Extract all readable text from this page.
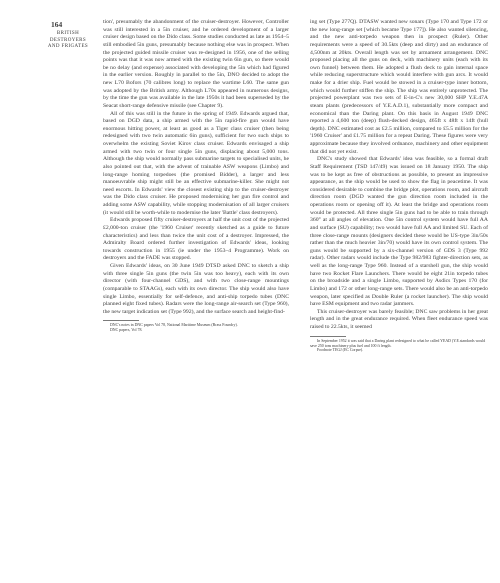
164
BRITISH DESTROYERS
AND FRIGATES

tion', presumably the abandonment of the cruiser-destroyer. However, Controller was still interested in a 5in cruiser, and he ordered development of a larger cruiser design based on the Dido class. Some studies conducted as late as 1954–5 still embodied 5in guns, presumably because nothing else was in prospect. When the projected guided missile cruiser was re-designed in 1956, one of the selling points was that it was now armed with the existing twin 6in gun, so there would be no delay (and expense) associated with developing the 5in which had figured in the earlier version. Roughly in parallel to the 5in, DNO decided to adopt the new L70 Bofors (70 calibres long) to replace the wartime L60. The same gun was adopted by the British army. Although L70s appeared in numerous designs, by the time the gun was available in the late 1950s it had been superseded by the Seacat short-range defensive missile (see Chapter 9).

All of this was still in the future in the spring of 1949. Edwards argued that, based on DGD data, a ship armed with the 5in rapid-fire gun would have enormous hitting power, at least as good as a Tiger class cruiser (then being redesigned with two twin automatic 6in guns), sufficient for two such ships to overwhelm the existing Soviet Kirov class cruiser. Edwards envisaged a ship armed with two twin or four single 5in guns, displacing about 5,000 tons. Although the ship would normally pass submarine targets to specialised units, he also pointed out that, with the advent of trainable ASW weapons (Limbo) and long-range homing torpedoes (the promised Bidder), a larger and less manoeuvrable ship might still be an effective submarine-killer. She might not need escorts. In Edwards' view the closest existing ship to the cruiser-destroyer was the Dido class cruiser. He proposed modernising her gun fire control and adding some ASW capability, while stopping modernisation of all larger cruisers (it would still be worth-while to modernise the later 'Battle' class destroyers).

Edwards proposed fifty cruiser-destroyers at half the unit cost of the projected £2,000-ton cruiser (the '1960 Cruiser' recently sketched as a guide to future characteristics) and less than twice the unit cost of a destroyer. Impressed, the Admiralty Board ordered further investigation of Edwards' ideas, looking towards construction in 1955 (ie under the 1953–4 Programme). Work on destroyers and the FADE was stopped.

Given Edwards' ideas, on 30 June 1949 DTSD asked DNC to sketch a ship with three single 5in guns (the twin 5in was too heavy), each with its own director (with four-channel GDS), and with two close-range mountings (comparable to STAAGs), each with its own director. The ship would also have single Limbo, essentially for self-defence, and anti-ship torpedo tubes (DNC planned eight fixed tubes). Radars were the long-range air-search set (Type 960), the new target indication set (Type 992), and the surface search and height-find-

DNC's notes in DNC papers Vol 78, National Maritime Museum (Brass Foundry).

DNC papers, Vol 78.

ing set (Type 277Q). DTASW wanted new sonars (Type 170 and Type 172 or the new long-range set [which became Type 177]). He also wanted silencing, and the new anti-torpedo weapon then in prospect (Ruler). Other requirements were a speed of 30.5kts (deep and dirty) and an endurance of 4,500nm at 20kts. Overall length was set by armament arrangement. DNC proposed placing all the guns on deck, with machinery units (each with its own funnel) between them. He adopted a flush deck to gain internal space while reducing superstructure which would interfere with gun arcs. It would make for a drier ship. Fuel would be stowed in a cruiser-type inner bottom, which would further stiffen the ship. The ship was entirely unprotected. The projected powerplant was two sets of E-in-C's new 30,000 SHP Y.E.47A steam plants (predecessors of Y.E.A.D.1), substantially more compact and economical than the Daring plant. On this basis in August 1949 DNC reported a 4,600 ton (deep) flush-decked design, 465ft x 48ft x 14ft (hull depth). DNC estimated cost as £2.5 million, compared to £5.5 million for the '1960 Cruiser' and £1.75 million for a repeat Daring. These figures were very approximate because they involved ordnance, machinery and other equipment that did not yet exist.

DNC's study showed that Edwards' idea was feasible, so a formal draft Staff Requirement (TSD 147/49) was issued on 18 January 1950. The ship was to be kept as free of obstructions as possible, to present an impressive appearance, as the ship would be used to show the flag in peacetime. It was considered desirable to combine the bridge plot, operations room, and aircraft direction room (DGD wanted the gun direction room included in the operations room or opening off it). At least the bridge and operations room would be protected. All three single 5in guns had to be able to train through 360° at all angles of elevation. One 5in control system would have full AA and surface (SU) capability; two would have full AA and limited SU. Each of three close-range mounts (designers decided these would be US-type 3in/50s rather than the much heavier 3in/70) would have its own control system. The guns would be supported by a six-channel version of GDS 3 (Type 992 radar). Other radars would include the Type 982/983 fighter-direction sets, as well as the long-range Type 960. Instead of a starshell gun, the ship would have two Rocket Flare Launchers. There would be eight 21in torpedo tubes on the broadside and a single Limbo, supported by Asdics Types 170 (for Limbo) and 172 or other long-range sets. There would also be an anti-torpedo weapon, later specified as Double Ruler (a rocket launcher). The ship would have ESM equipment and two radar jammers.

This cruiser-destroyer was barely feasible; DNC saw problems in her great length and in the great endurance required. When fleet endurance speed was raised to 22.5kts, it seemed

In September 1952 it was said that a Daring plant redesigned to what he called YEAD (Y.E.standards would save 250 tons machinery plus fuel and 100 ft length.

Foodnote TEGJ (EC Corpse).
